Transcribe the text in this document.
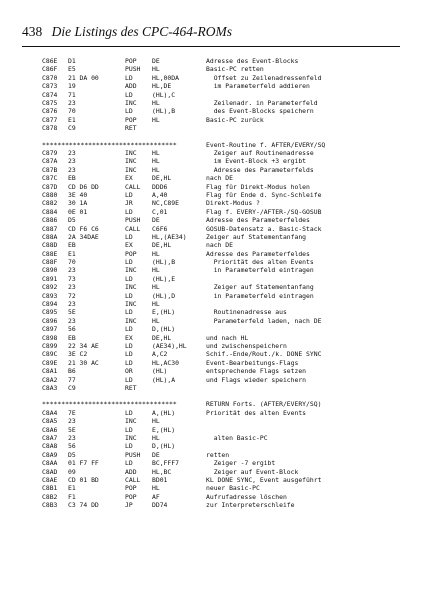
438 Die Listings des CPC-464-ROMs
C86E D1	POP DE	Adresse des Event-Blocks
C86F E5	PUSH HL	Basic-PC retten
C870 21 DA 00	LD	HL,00DA	Offset zu Zeilenadressenfeld
C873 19	ADD HL,DE	im Parameterfeld addieren
C874 71	LD	(HL),C
C875 23	INC HL	Zeilenadr. in Parameterfeld
C876 70	LD	(HL),B	des Event-Blocks speichern
C877 E1	POP HL	Basic-PC zurück
C878 C9	RET
***********************************	Event-Routine f. AFTER/EVERY/SQ
C879 23	INC HL	Zeiger auf Routinenadresse
C87A 23	INC HL	im Event-Block +3 ergibt
C87B 23	INC HL	Adresse des Parameterfelds
C87C EB	EX	DE,HL	nach DE
C87D CD D6 DD	CALL DDD6	Flag für Direkt-Modus holen
C880 3E 40	LD	A,40	Flag für Ende d. Sync-Schleife
C882 30 1A	JR	NC,C89E	Direkt-Modus ?
C884 0E 01	LD	C,01	Flag f. EVERY-/AFTER-/SQ-GOSUB
C886 D5	PUSH DE	Adresse des Parameterfeldes
C887 CD F6 C6	CALL C6F6	GOSUB-Datensatz a. Basic-Stack
C88A 2A 34DAE	LD	HL,(AE34)	Zeiger auf Statementanfang
C88D EB	EX	DE,HL	nach DE
C88E E1	POP HL	Adresse des Parameterfeldes
C88F 70	LD	(HL),B	Priorität des alten Events
C890 23	INC HL	in Parameterfeld eintragen
C891 73	LD	(HL),E
C892 23	INC HL	Zeiger auf Statementanfang
C893 72	LD	(HL),D	in Parameterfeld eintragen
C894 23	INC HL
C895 5E	LD	E,(HL)	Routinenadresse aus
C896 23	INC HL	Parameterfeld laden, nach DE
C897 56	LD	D,(HL)
C898 EB	EX	DE,HL	und nach HL
C899 22 34 AE	LD	(AE34),HL	und zwischenspeichern
C89C 3E C2	LD	A,C2	Schif.-Ende/Rout./k. DONE SYNC
C89E 21 30 AC	LD	HL,AC30	Event-Bearbeitungs-Flags
C8A1 B6	OR	(HL)	entsprechende Flags setzen
C8A2 77	LD	(HL),A	und Flags wieder speichern
C8A3 C9	RET
***********************************	RETURN Forts. (AFTER/EVERY/SQ)
C8A4 7E	LD	A,(HL)	Priorität des alten Events
C8A5 23	INC HL
C8A6 5E	LD	E,(HL)
C8A7 23	INC HL	alten Basic-PC
C8A8 56	LD	D,(HL)
C8A9 D5	PUSH DE	retten
C8AA 01 F7 FF	LD	BC,FFF7	Zeiger -7 ergibt
C8AD 09	ADD HL,BC	Zeiger auf Event-Block
C8AE CD 01 BD	CALL BD01	KL DONE SYNC, Event ausgeführt
C8B1 E1	POP HL	neuer Basic-PC
C8B2 F1	POP AF	Aufrufadresse löschen
C8B3 C3 74 DD	JP	DD74	zur Interpreterschleife
